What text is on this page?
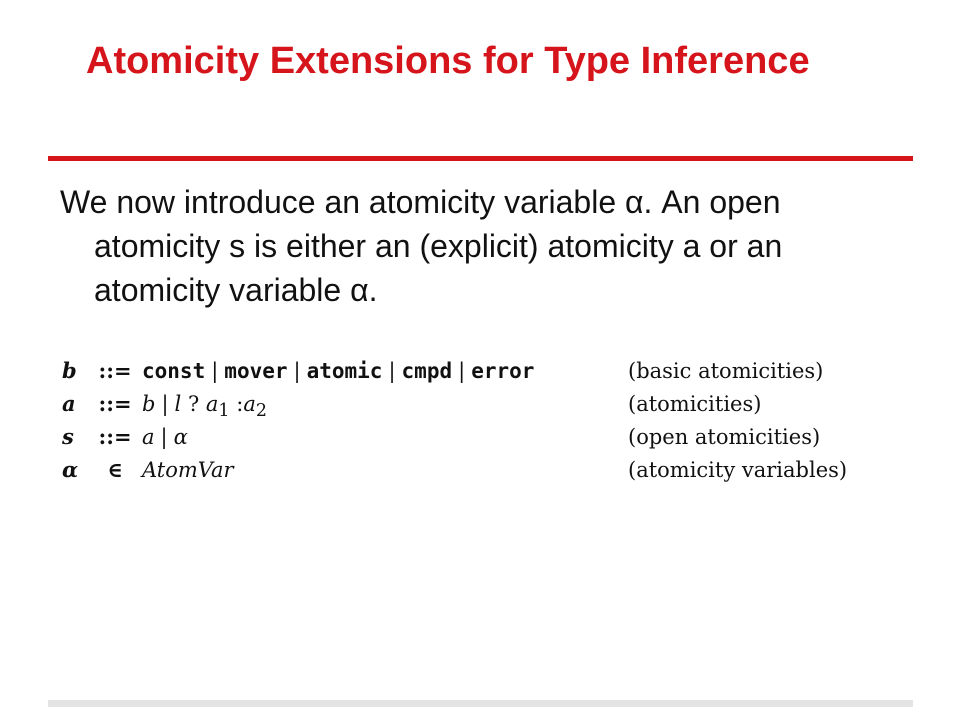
Atomicity Extensions for Type Inference

We now introduce an atomicity variable α. An open atomicity s is either an (explicit) atomicity a or an atomicity variable α.

b	::= const | mover | atomic | cmpd | error	(basic atomicities)
a	::= b | l ? $a_1$ $:a_2$	(atomicities)
s	::= a | α	(open atomicities)
α	∈ AtomVar	(atomicity variables)
